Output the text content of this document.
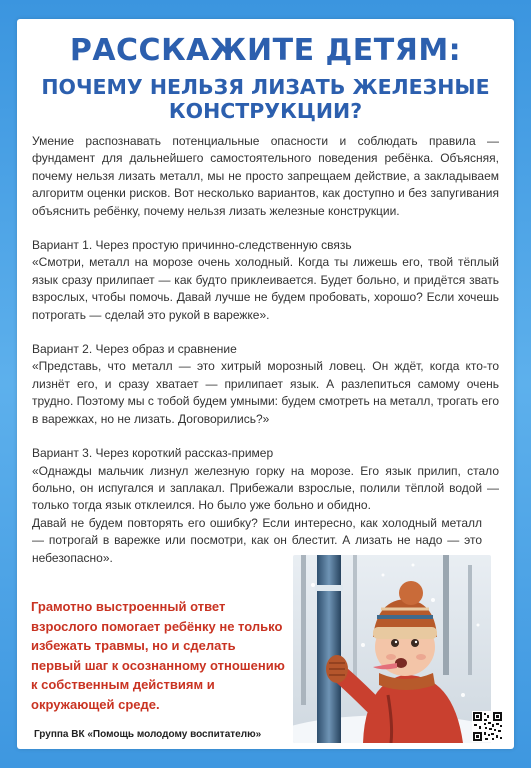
РАССКАЖИТЕ ДЕТЯМ:
ПОЧЕМУ НЕЛЬЗЯ ЛИЗАТЬ ЖЕЛЕЗНЫЕ
КОНСТРУКЦИИ?

Умение распознавать потенциальные опасности и соблюдать правила — фундамент для дальнейшего самостоятельного поведения ребёнка. Объясняя, почему нельзя лизать металл, мы не просто запрещаем действие, а закладываем алгоритм оценки рисков. Вот несколько вариантов, как доступно и без запугивания объяснить ребёнку, почему нельзя лизать железные конструкции.

Вариант 1. Через простую причинно-следственную связь

«Смотри, металл на морозе очень холодный. Когда ты лижешь его, твой тёплый язык сразу прилипает — как будто приклеивается. Будет больно, и придётся звать взрослых, чтобы помочь. Давай лучше не будем пробовать, хорошо? Если хочешь потрогать — сделай это рукой в варежке».

Вариант 2. Через образ и сравнение

«Представь, что металл — это хитрый морозный ловец. Он ждёт, когда кто-то лизнёт его, и сразу хватает — прилипает язык. А разлепиться самому очень трудно. Поэтому мы с тобой будем умными: будем смотреть на металл, трогать его в варежках, но не лизать. Договорились?»

Вариант 3. Через короткий рассказ-пример

«Однажды мальчик лизнул железную горку на морозе. Его язык прилип, стало больно, он испугался и заплакал. Прибежали взрослые, полили тёплой водой — только тогда язык отклеился. Но было уже больно и обидно.

Давай не будем повторять его ошибку? Если интересно, как холодный металл — потрогай в варежке или посмотри, как он блестит. А лизать не надо — это небезопасно».

Грамотно выстроенный ответ взрослого помогает ребёнку не только избежать травмы, но и сделать первый шаг к осознанному отношению к собственным действиям и окружающей среде.
Группа ВК «Помощь молодому воспитателю»
